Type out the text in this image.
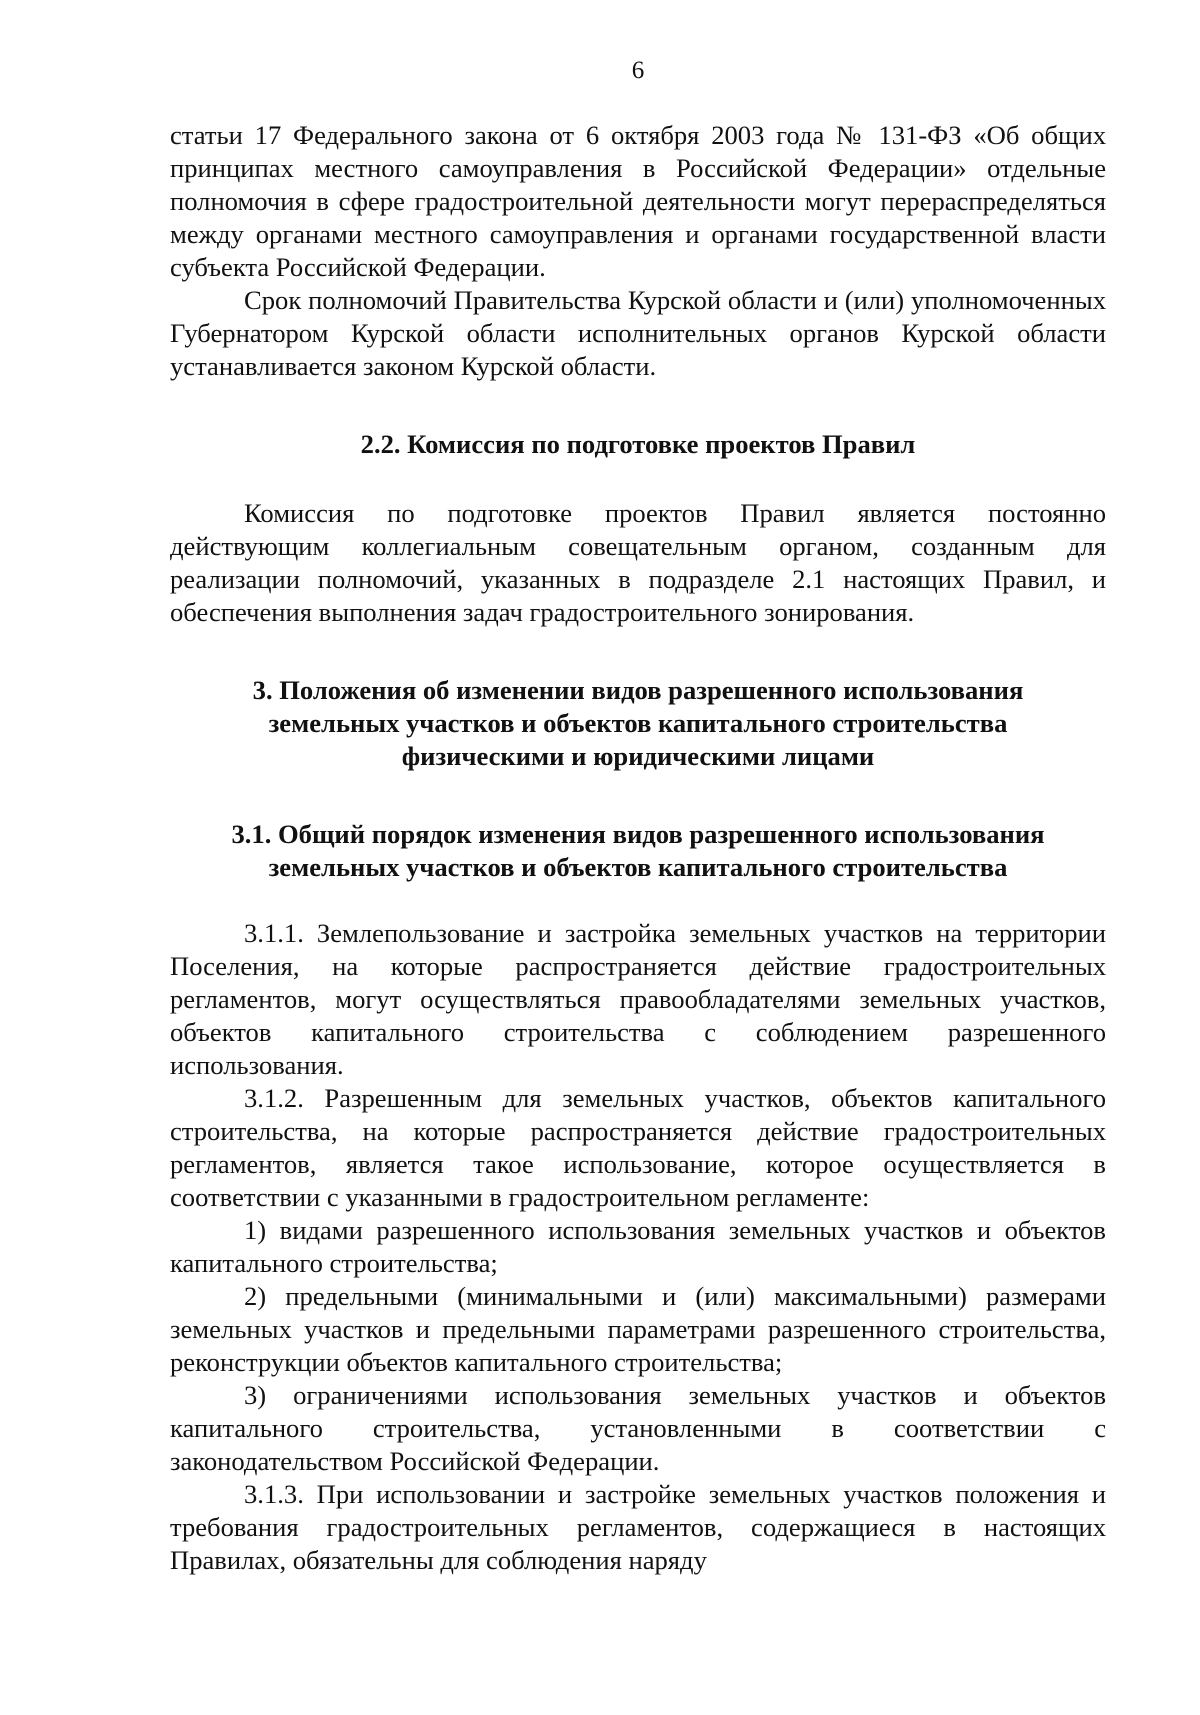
6

статьи 17 Федерального закона от 6 октября 2003 года № 131-ФЗ «Об общих принципах местного самоуправления в Российской Федерации» отдельные полномочия в сфере градостроительной деятельности могут перераспределяться между органами местного самоуправления и органами государственной власти субъекта Российской Федерации.

Срок полномочий Правительства Курской области и (или) уполномоченных Губернатором Курской области исполнительных органов Курской области устанавливается законом Курской области.

2.2. Комиссия по подготовке проектов Правил

Комиссия по подготовке проектов Правил является постоянно действующим коллегиальным совещательным органом, созданным для реализации полномочий, указанных в подразделе 2.1 настоящих Правил, и обеспечения выполнения задач градостроительного зонирования.

3. Положения об изменении видов разрешенного использования
земельных участков и объектов капитального строительства
физическими и юридическими лицами
3.1. Общий порядок изменения видов разрешенного использования
земельных участков и объектов капитального строительства

3.1.1. Землепользование и застройка земельных участков на территории Поселения, на которые распространяется действие градостроительных регламентов, могут осуществляться правообладателями земельных участков, объектов капитального строительства с соблюдением разрешенного использования.

3.1.2. Разрешенным для земельных участков, объектов капитального строительства, на которые распространяется действие градостроительных регламентов, является такое использование, которое осуществляется в соответствии с указанными в градостроительном регламенте:

1) видами разрешенного использования земельных участков и объектов капитального строительства;

2) предельными (минимальными и (или) максимальными) размерами земельных участков и предельными параметрами разрешенного строительства, реконструкции объектов капитального строительства;

3) ограничениями использования земельных участков и объектов капитального строительства, установленными в соответствии с законодательством Российской Федерации.

3.1.3. При использовании и застройке земельных участков положения и требования градостроительных регламентов, содержащиеся в настоящих Правилах, обязательны для соблюдения наряду
